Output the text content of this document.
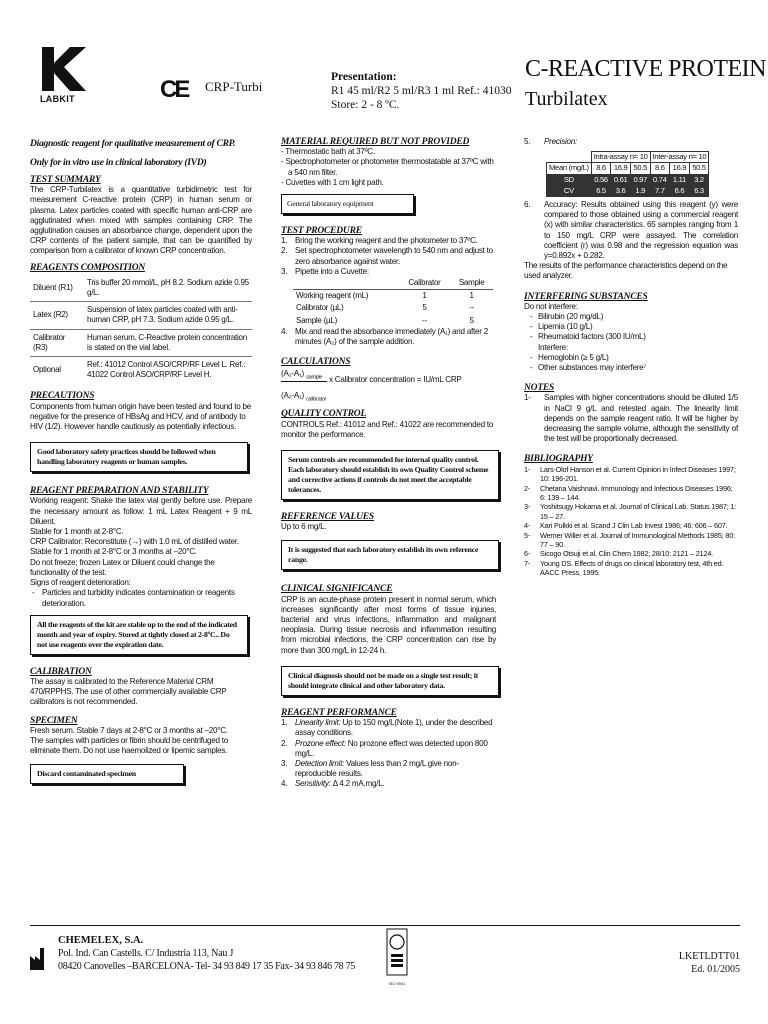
LABKIT	CE CRP-Turbi
Presentation:
R1 45 ml/R2 5 ml/R3 1 ml Ref.: 41030
Store: 2 - 8 ºC.
C-REACTIVE PROTEIN
Turbilatex

Diagnostic reagent for qualitative measurement of CRP.

Only for in vitro use in clinical laboratory (IVD)

TEST SUMMARY

The CRP-Turbilatex is a quantitative turbidimetric test for measurement C-reactive protein (CRP) in human serum or plasma. Latex particles coated with specific human anti-CRP are agglutinated when mixed with samples containing CRP. The agglutination causes an absorbance change, dependent upon the CRP contents of the patient sample, that can be quantified by comparison from a calibrator of known CRP concentration.

REAGENTS COMPOSITION
Diluent (R1)	Tris buffer 20 mmol/L, pH 8.2. Sodium azide 0.95 g/L.
Latex (R2)	Suspension of latex particles coated with anti-human CRP, pH 7.3. Sodium azide 0.95 g/L.
Calibrator (R3)	Human serum. C-Reactive protein concentration is stated on the vial label.
Optional	Ref.: 41012 Control ASO/CRP/RF Level L. Ref.: 41022 Control ASO/CRP/RF Level H.
PRECAUTIONS

Components from human origin have been tested and found to be negative for the presence of HBsAg and HCV, and of antibody to HIV (1/2). However handle cautiously as potentially infectious.

Good laboratory safety practices should be followed when handling laboratory reagents or human samples.
REAGENT PREPARATION AND STABILITY

Working reagent: Shake the latex vial gently before use. Prepare the necessary amount as follow: 1 mL Latex Reagent + 9 mL Diluent.

Stable for 1 month at 2-8°C.

CRP Calibrator: Reconstitute (→) with 1.0 mL of distilled water.

Stable for 1 month at 2-8°C or 3 months at –20°C.

Do not freeze; frozen Latex or Diluent could change the functionality of the test.

Signs of reagent deterioration:

- Particles and turbidity indicates contamination or reagents deterioration.

All the reagents of the kit are stable up to the end of the indicated month and year of expiry. Stored at tightly closed at 2-8ºC.. Do not use reagents over the expiration date.
CALIBRATION

The assay is calibrated to the Reference Material CRM 470/RPPHS. The use of other commercially available CRP calibrators is not recommended.

SPECIMEN

Fresh serum. Stable 7 days at 2-8°C or 3 months at –20°C.

The samples with particles or fibrin should be centrifuged to eliminate them. Do not use haemolized or lipemic samples.

Discard contaminated specimen
MATERIAL REQUIRED BUT NOT PROVIDED

- Thermostatic bath at 37ºC.

- Spectrophotometer or photometer thermostatable at 37ºC with a 540 nm filter.

- Cuvettes with 1 cm light path.

General laboratory equipment
TEST PROCEDURE
1. Bring the working reagent and the photometer to 37ºC.
2. Set spectrophotometer wavelength to 540 nm and adjust to zero absorbance against water.
3. Pipette into a Cuvette:
	Calibrator	Sample
Working reagent (mL)	1	1
Calibrator (µL)	5	--
Sample (µL)	--	5

4. Mix and read the absorbance immediately (A₁) and after 2 minutes (A₂) of the sample addition.

CALCULATIONS
(A₂-A₁) $_{sample}$ x Calibrator concentration = IU/mL CRP
(A₂-A₁) $_{calibrator}$
QUALITY CONTROL

CONTROLS Ref.: 41012 and Ref.: 41022 are recommended to monitor the performance.

Serum controls are recommended for internal quality control. Each laboratory should establish its own Quality Control scheme and corrective actions if controls do not meet the acceptable tolerances.
REFERENCE VALUES

Up to 6 mg/L.

It is suggested that each laboratory establish its own reference range.
CLINICAL SIGNIFICANCE

CRP is an acute-phase protein present in normal serum, which increases significantly after most forms of tissue injuries, bacterial and virus infections, inflammation and malignant neoplasia. During tissue necrosis and inflammation resulting from microbial infections, the CRP concentration can rise by more than 300 mg/L in 12-24 h.

Clinical diagnosis should not be made on a single test result; it should integrate clinical and other laboratory data.
REAGENT PERFORMANCE
1. Linearity limit: Up to 150 mg/L(Note 1), under the described assay conditions.
2. Prozone effect: No prozone effect was detected upon 800 mg/L.
3. Detection limit: Values less than 2 mg/L give non-reproducible results.
4. Sensitivity: Δ 4.2 mA.mg/L.

5. Precision:

	Intra-assay n= 10			Inter-assay n= 10		
Mean (mg/L)	8.6	16.9	50.5	8.6	16.9	50.5
SD	0.56	0.61	0.97	0.74	1.11	3.2
CV	6.5	3.6	1.9	7.7	6.6	6.3

6. Accuracy: Results obtained using this reagent (y) were compared to those obtained using a commercial reagent (x) with similar characteristics. 65 samples ranging from 1 to 150 mg/L CRP were assayed. The correlation coefficient (r) was 0.98 and the regression equation was y=0.892x + 0.282.

The results of the performance characteristics depend on the used analyzer.

INTERFERING SUBSTANCES

Do not interfere:

- Bilirubin (20 mg/dL)
- Lipemia (10 g/L)
- Rheumatoid factors (300 IU/mL)

Interfere:

- Hemoglobin (≥ 5 g/L)
- Other substances may interfere⁷
NOTES

1- Samples with higher concentrations should be diluted 1/5 in NaCl 9 g/L and retested again. The linearity limit depends on the sample reagent ratio. It will be higher by decreasing the sample volume, although the sensitivity of the test will be proportionally decreased.

BIBLIOGRAPHY
1- Lars-Olof Hanson et al. Current Opinion in Infect Diseases 1997; 10: 196-201.
2- Chetana Vaishnavi. Immunology and Infectious Diseases 1996; 6: 139 – 144.
3- Yoshitsugy Hokama et al. Journal of Clinical Lab. Status 1987; 1: 15 – 27.
4- Kari Pulkki et al. Scand J Clin Lab Invest 1986; 46: 606 – 607.
5- Werner Willer et al. Journal of Immunological Methods 1985; 80: 77 – 90.
6- Sicogo Otsuji et al. Clin Chem 1982; 28/10: 2121 – 2124.
7- Young DS. Effects of drugs on clinical laboratory test, 4th ed. AACC Press, 1995.
CHEMELEX, S.A.
Pol. Ind. Can Castells. C/ Industria 113, Nau J
08420 Canovelles –BARCELONA- Tel- 34 93 849 17 35 Fax- 34 93 846 78 75
ISO 9001
LKETLDTT01
Ed. 01/2005
